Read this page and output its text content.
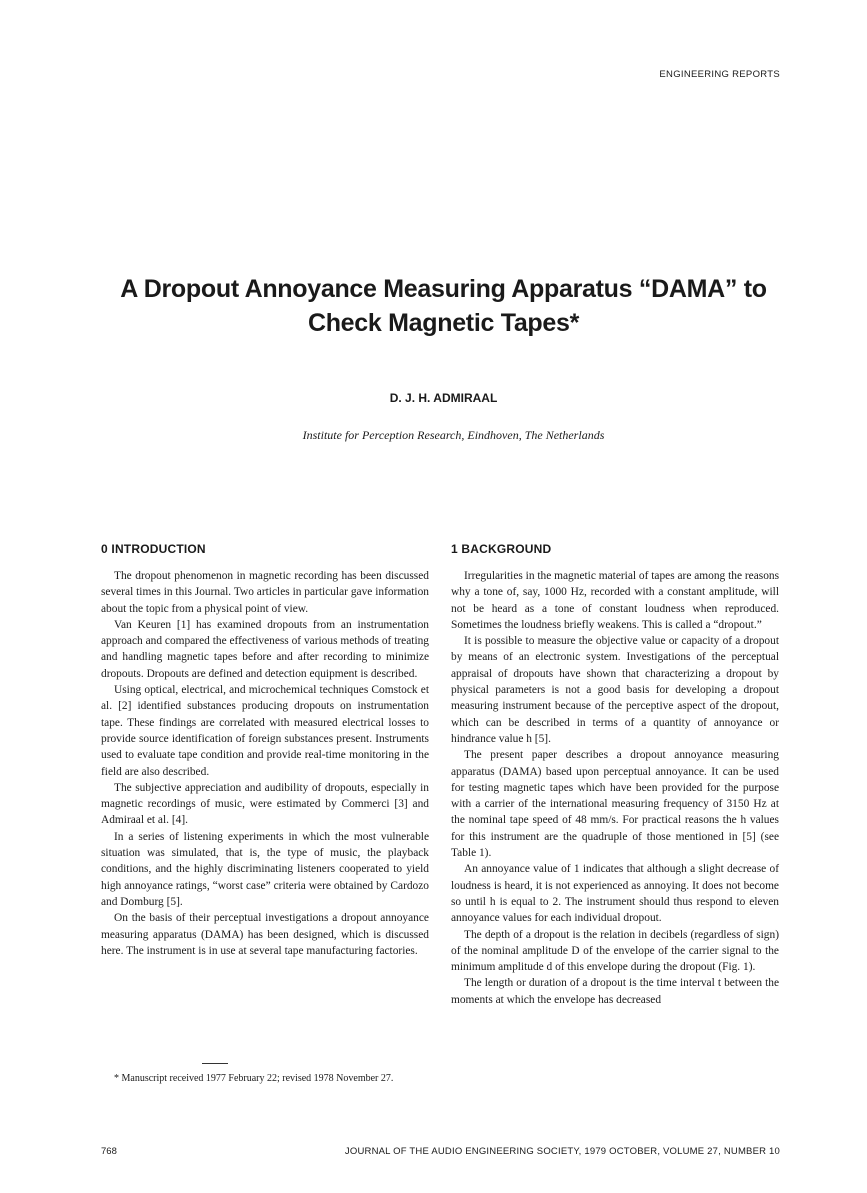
ENGINEERING REPORTS
A Dropout Annoyance Measuring Apparatus “DAMA” to
Check Magnetic Tapes*
D. J. H. ADMIRAAL
Institute for Perception Research, Eindhoven, The Netherlands
0 INTRODUCTION

The dropout phenomenon in magnetic recording has been discussed several times in this Journal. Two articles in particular gave information about the topic from a physical point of view.

Van Keuren [1] has examined dropouts from an instrumentation approach and compared the effectiveness of various methods of treating and handling magnetic tapes before and after recording to minimize dropouts. Dropouts are defined and detection equipment is described.

Using optical, electrical, and microchemical techniques Comstock et al. [2] identified substances producing dropouts on instrumentation tape. These findings are correlated with measured electrical losses to provide source identification of foreign substances present. Instruments used to evaluate tape condition and provide real-time monitoring in the field are also described.

The subjective appreciation and audibility of dropouts, especially in magnetic recordings of music, were estimated by Commerci [3] and Admiraal et al. [4].

In a series of listening experiments in which the most vulnerable situation was simulated, that is, the type of music, the playback conditions, and the highly discriminating listeners cooperated to yield high annoyance ratings, “worst case” criteria were obtained by Cardozo and Domburg [5].

On the basis of their perceptual investigations a dropout annoyance measuring apparatus (DAMA) has been designed, which is discussed here. The instrument is in use at several tape manufacturing factories.

1 BACKGROUND

Irregularities in the magnetic material of tapes are among the reasons why a tone of, say, 1000 Hz, recorded with a constant amplitude, will not be heard as a tone of constant loudness when reproduced. Sometimes the loudness briefly weakens. This is called a “dropout.”

It is possible to measure the objective value or capacity of a dropout by means of an electronic system. Investigations of the perceptual appraisal of dropouts have shown that characterizing a dropout by physical parameters is not a good basis for developing a dropout measuring instrument because of the perceptive aspect of the dropout, which can be described in terms of a quantity of annoyance or hindrance value h [5].

The present paper describes a dropout annoyance measuring apparatus (DAMA) based upon perceptual annoyance. It can be used for testing magnetic tapes which have been provided for the purpose with a carrier of the international measuring frequency of 3150 Hz at the nominal tape speed of 48 mm/s. For practical reasons the h values for this instrument are the quadruple of those mentioned in [5] (see Table 1).

An annoyance value of 1 indicates that although a slight decrease of loudness is heard, it is not experienced as annoying. It does not become so until h is equal to 2. The instrument should thus respond to eleven annoyance values for each individual dropout.

The depth of a dropout is the relation in decibels (regardless of sign) of the nominal amplitude D of the envelope of the carrier signal to the minimum amplitude d of this envelope during the dropout (Fig. 1).

The length or duration of a dropout is the time interval t between the moments at which the envelope has decreased

* Manuscript received 1977 February 22; revised 1978 November 27.

768	JOURNAL OF THE AUDIO ENGINEERING SOCIETY, 1979 OCTOBER, VOLUME 27, NUMBER 10
